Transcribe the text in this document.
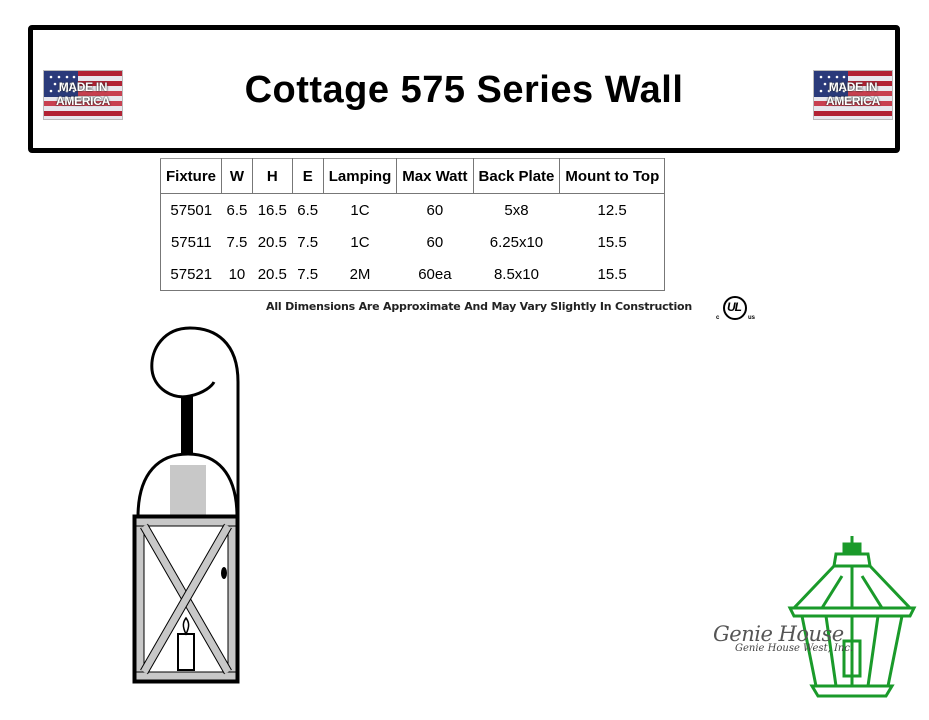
MADE IN
AMERICA	Cottage 575 Series Wall	MADE IN
AMERICA
Fixture	W	H	E	Lamping	Max Watt	Back Plate	Mount to Top
57501	6.5	16.5	6.5	1C	60	5x8	12.5
57511	7.5	20.5	7.5	1C	60	6.25x10	15.5
57521	10	20.5	7.5	2M	60ea	8.5x10	15.5
All Dimensions Are Approximate And May Vary Slightly In Construction	UL
c	us
Genie House
Genie House West, Inc.
